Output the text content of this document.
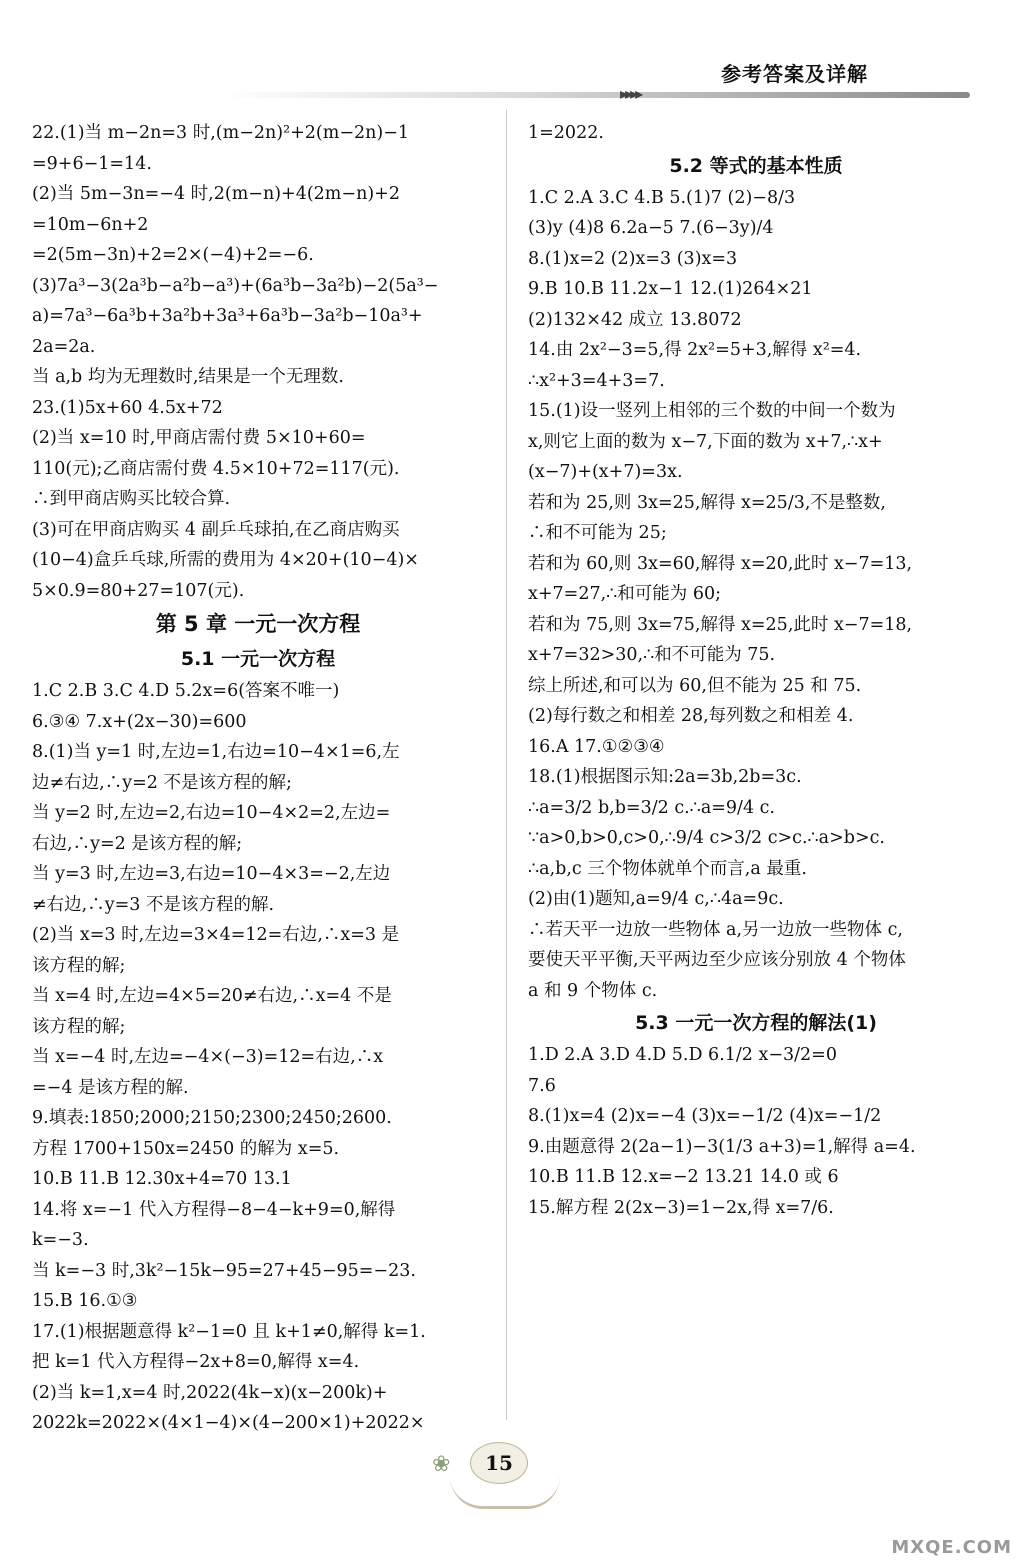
参考答案及详解
▸▸▸▸
22.(1)当 m−2n=3 时,(m−2n)²+2(m−2n)−1
=9+6−1=14.
(2)当 5m−3n=−4 时,2(m−n)+4(2m−n)+2
=10m−6n+2
=2(5m−3n)+2=2×(−4)+2=−6.
(3)7a³−3(2a³b−a²b−a³)+(6a³b−3a²b)−2(5a³−
a)=7a³−6a³b+3a²b+3a³+6a³b−3a²b−10a³+
2a=2a.
当 a,b 均为无理数时,结果是一个无理数.
23.(1)5x+60 4.5x+72
(2)当 x=10 时,甲商店需付费 5×10+60=
110(元);乙商店需付费 4.5×10+72=117(元).
∴到甲商店购买比较合算.
(3)可在甲商店购买 4 副乒乓球拍,在乙商店购买
(10−4)盒乒乓球,所需的费用为 4×20+(10−4)×
5×0.9=80+27=107(元).
第 5 章 一元一次方程
5.1 一元一次方程
1.C 2.B 3.C 4.D 5.2x=6(答案不唯一)
6.③④ 7.x+(2x−30)=600
8.(1)当 y=1 时,左边=1,右边=10−4×1=6,左
边≠右边,∴y=2 不是该方程的解;
当 y=2 时,左边=2,右边=10−4×2=2,左边=
右边,∴y=2 是该方程的解;
当 y=3 时,左边=3,右边=10−4×3=−2,左边
≠右边,∴y=3 不是该方程的解.
(2)当 x=3 时,左边=3×4=12=右边,∴x=3 是
该方程的解;
当 x=4 时,左边=4×5=20≠右边,∴x=4 不是
该方程的解;
当 x=−4 时,左边=−4×(−3)=12=右边,∴x
=−4 是该方程的解.
9.填表:1850;2000;2150;2300;2450;2600.
方程 1700+150x=2450 的解为 x=5.
10.B 11.B 12.30x+4=70 13.1
14.将 x=−1 代入方程得−8−4−k+9=0,解得
k=−3.
当 k=−3 时,3k²−15k−95=27+45−95=−23.
15.B 16.①③
17.(1)根据题意得 k²−1=0 且 k+1≠0,解得 k=1.
把 k=1 代入方程得−2x+8=0,解得 x=4.
(2)当 k=1,x=4 时,2022(4k−x)(x−200k)+
2022k=2022×(4×1−4)×(4−200×1)+2022×
1=2022.
5.2 等式的基本性质
1.C 2.A 3.C 4.B 5.(1)7 (2)−8/3
(3)y (4)8 6.2a−5 7.(6−3y)/4
8.(1)x=2 (2)x=3 (3)x=3
9.B 10.B 11.2x−1 12.(1)264×21
(2)132×42 成立 13.8072
14.由 2x²−3=5,得 2x²=5+3,解得 x²=4.
∴x²+3=4+3=7.
15.(1)设一竖列上相邻的三个数的中间一个数为
x,则它上面的数为 x−7,下面的数为 x+7,∴x+
(x−7)+(x+7)=3x.
若和为 25,则 3x=25,解得 x=25/3,不是整数,
∴和不可能为 25;
若和为 60,则 3x=60,解得 x=20,此时 x−7=13,
x+7=27,∴和可能为 60;
若和为 75,则 3x=75,解得 x=25,此时 x−7=18,
x+7=32>30,∴和不可能为 75.
综上所述,和可以为 60,但不能为 25 和 75.
(2)每行数之和相差 28,每列数之和相差 4.
16.A 17.①②③④
18.(1)根据图示知:2a=3b,2b=3c.
∴a=3/2 b,b=3/2 c.∴a=9/4 c.
∵a>0,b>0,c>0,∴9/4 c>3/2 c>c.∴a>b>c.
∴a,b,c 三个物体就单个而言,a 最重.
(2)由(1)题知,a=9/4 c,∴4a=9c.
∴若天平一边放一些物体 a,另一边放一些物体 c,
要使天平平衡,天平两边至少应该分别放 4 个物体
a 和 9 个物体 c.
5.3 一元一次方程的解法(1)
1.D 2.A 3.D 4.D 5.D 6.1/2 x−3/2=0
7.6
8.(1)x=4 (2)x=−4 (3)x=−1/2 (4)x=−1/2
9.由题意得 2(2a−1)−3(1/3 a+3)=1,解得 a=4.
10.B 11.B 12.x=−2 13.21 14.0 或 6
15.解方程 2(2x−3)=1−2x,得 x=7/6.
❀	15
MXQE.COM
